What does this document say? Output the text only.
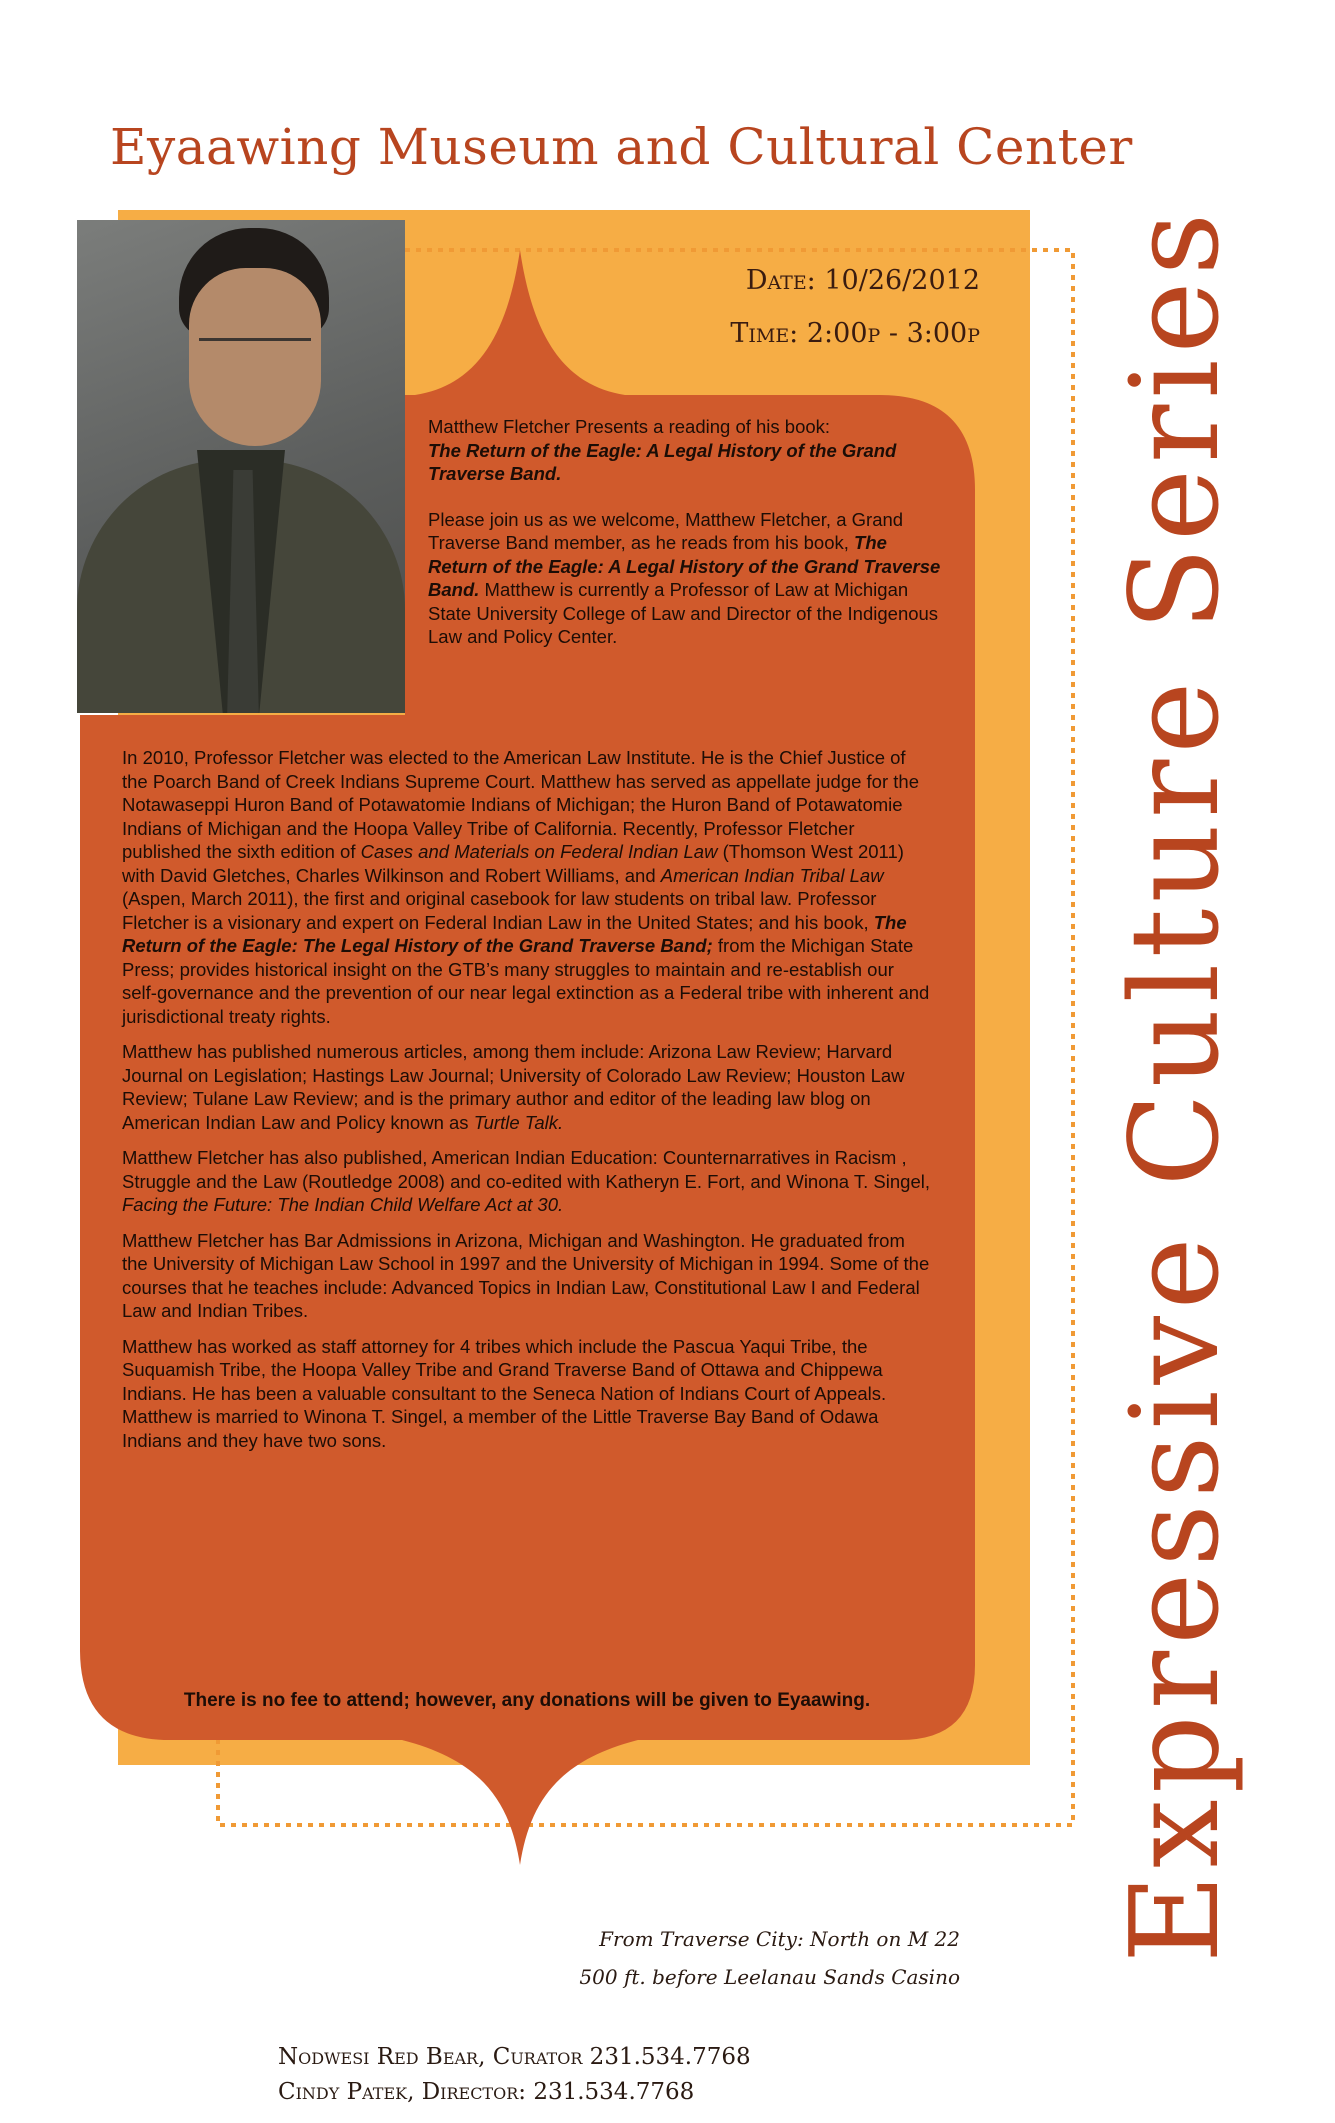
Eyaawing Museum and Cultural Center
Expressive Culture Series
Date: 10/26/2012
Time: 2:00p - 3:00p

Matthew Fletcher Presents a reading of his book:
The Return of the Eagle: A Legal History of the Grand Traverse Band.

Please join us as we welcome, Matthew Fletcher, a Grand Traverse Band member, as he reads from his book, The Return of the Eagle: A Legal History of the Grand Traverse Band. Matthew is currently a Professor of Law at Michigan State University College of Law and Director of the Indigenous Law and Policy Center.

In 2010, Professor Fletcher was elected to the American Law Institute. He is the Chief Justice of the Poarch Band of Creek Indians Supreme Court. Matthew has served as appellate judge for the Notawaseppi Huron Band of Potawatomie Indians of Michigan; the Huron Band of Potawatomie Indians of Michigan and the Hoopa Valley Tribe of California. Recently, Professor Fletcher published the sixth edition of Cases and Materials on Federal Indian Law (Thomson West 2011) with David Gletches, Charles Wilkinson and Robert Williams, and American Indian Tribal Law (Aspen, March 2011), the first and original casebook for law students on tribal law. Professor Fletcher is a visionary and expert on Federal Indian Law in the United States; and his book, The Return of the Eagle: The Legal History of the Grand Traverse Band; from the Michigan State Press; provides historical insight on the GTB’s many struggles to maintain and re-establish our self-governance and the prevention of our near legal extinction as a Federal tribe with inherent and jurisdictional treaty rights.

Matthew has published numerous articles, among them include: Arizona Law Review; Harvard Journal on Legislation; Hastings Law Journal; University of Colorado Law Review; Houston Law Review; Tulane Law Review; and is the primary author and editor of the leading law blog on American Indian Law and Policy known as Turtle Talk.

Matthew Fletcher has also published, American Indian Education: Counternarratives in Racism , Struggle and the Law (Routledge 2008) and co-edited with Katheryn E. Fort, and Winona T. Singel, Facing the Future: The Indian Child Welfare Act at 30.

Matthew Fletcher has Bar Admissions in Arizona, Michigan and Washington. He graduated from the University of Michigan Law School in 1997 and the University of Michigan in 1994. Some of the courses that he teaches include: Advanced Topics in Indian Law, Constitutional Law I and Federal Law and Indian Tribes.

Matthew has worked as staff attorney for 4 tribes which include the Pascua Yaqui Tribe, the Suquamish Tribe, the Hoopa Valley Tribe and Grand Traverse Band of Ottawa and Chippewa Indians. He has been a valuable consultant to the Seneca Nation of Indians Court of Appeals. Matthew is married to Winona T. Singel, a member of the Little Traverse Bay Band of Odawa Indians and they have two sons.

There is no fee to attend; however, any donations will be given to Eyaawing.
From Traverse City: North on M 22
500 ft. before Leelanau Sands Casino
Nodwesi Red Bear, Curator 231.534.7768
Cindy Patek, Director: 231.534.7768
